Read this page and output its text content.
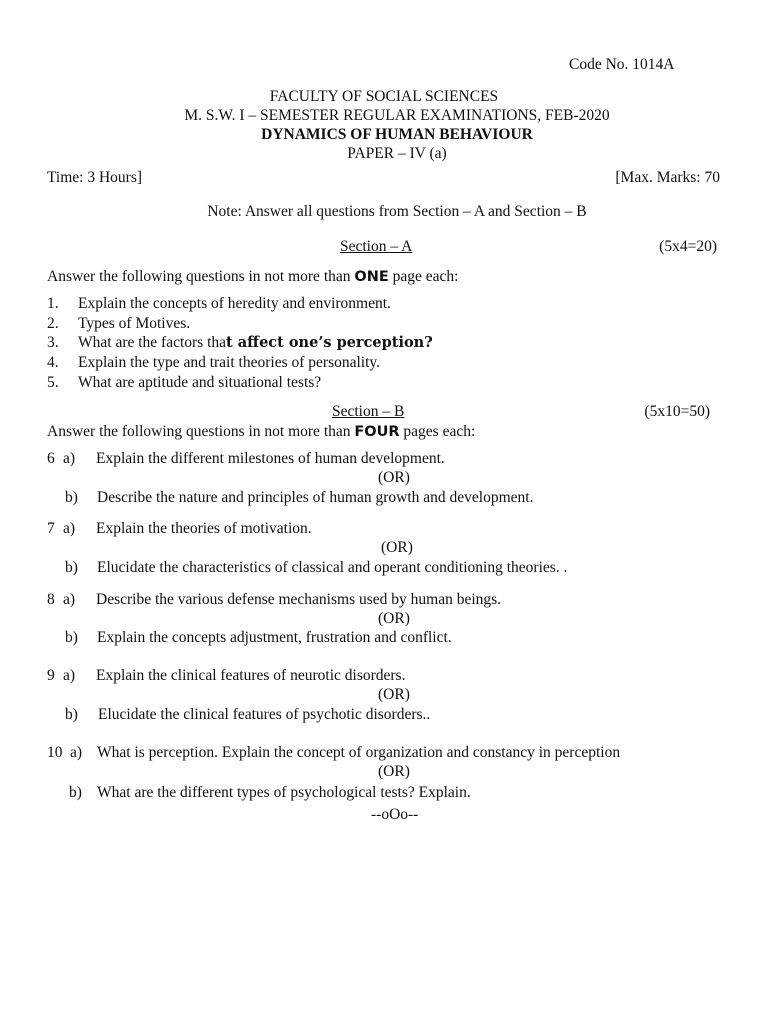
Code No. 1014A
FACULTY OF SOCIAL SCIENCES
M. S.W. I – SEMESTER REGULAR EXAMINATIONS, FEB-2020
DYNAMICS OF HUMAN BEHAVIOUR
PAPER – IV (a)
Time: 3 Hours]	[Max. Marks: 70
Note: Answer all questions from Section – A and Section – B
Section – A	(5x4=20)
Answer the following questions in not more than ONE page each:
1. Explain the concepts of heredity and environment.
2. Types of Motives.
3. What are the factors that affect one’s perception?
4. Explain the type and trait theories of personality.
5. What are aptitude and situational tests?
Section – B	(5x10=50)
Answer the following questions in not more than FOUR pages each:
6 a) Explain the different milestones of human development.
(OR)
b) Describe the nature and principles of human growth and development.
7 a) Explain the theories of motivation.
(OR)
b) Elucidate the characteristics of classical and operant conditioning theories. .
8 a) Describe the various defense mechanisms used by human beings.
(OR)
b) Explain the concepts adjustment, frustration and conflict.
9 a) Explain the clinical features of neurotic disorders.
(OR)
b) Elucidate the clinical features of psychotic disorders..
10 a) What is perception. Explain the concept of organization and constancy in perception
(OR)
b) What are the different types of psychological tests? Explain.
--oOo--
